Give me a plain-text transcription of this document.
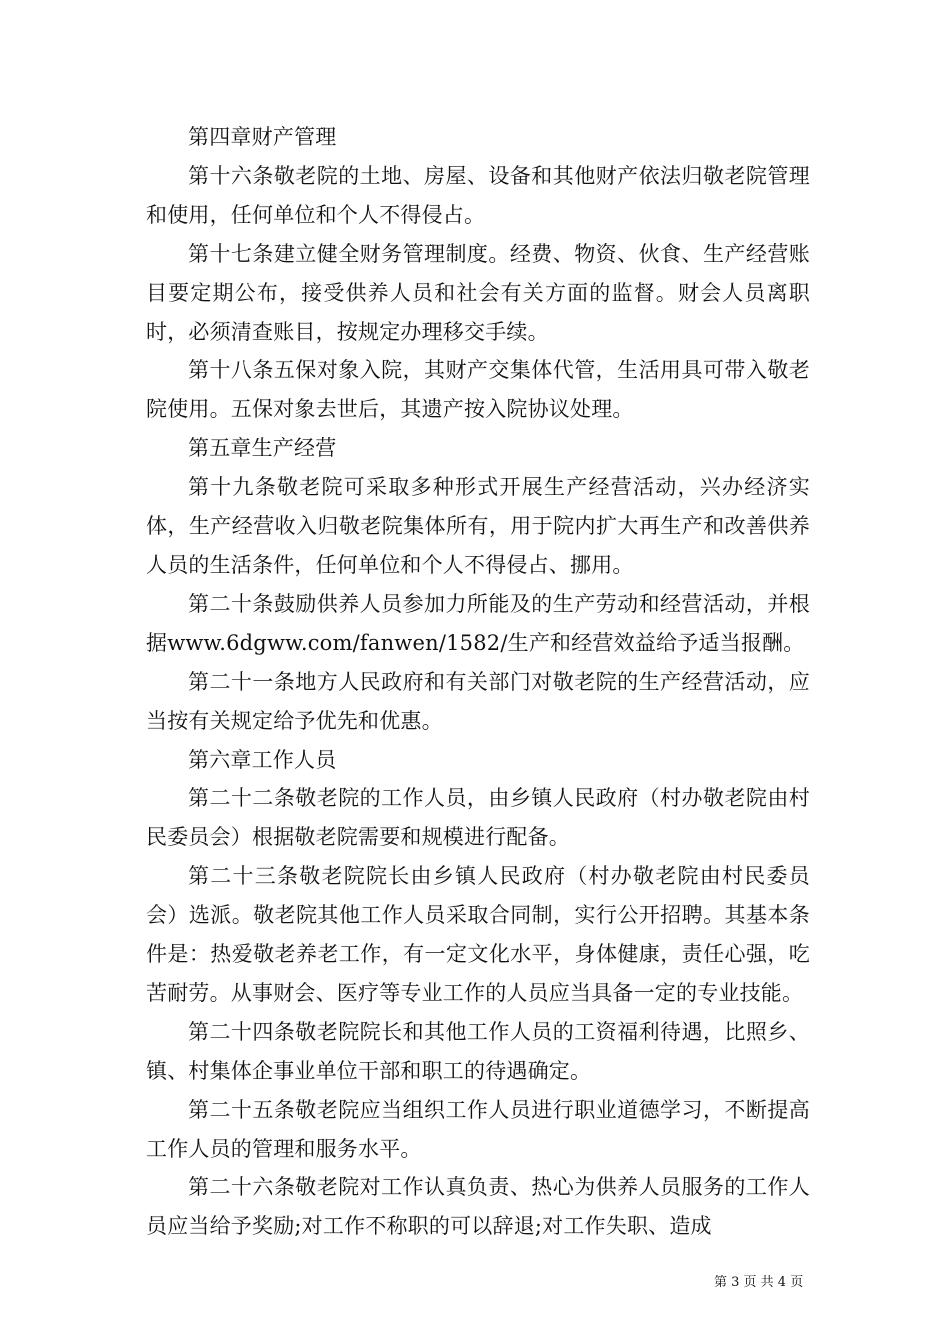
第四章财产管理

第十六条敬老院的土地、房屋、设备和其他财产依法归敬老院管理和使用，任何单位和个人不得侵占。

第十七条建立健全财务管理制度。经费、物资、伙食、生产经营账目要定期公布，接受供养人员和社会有关方面的监督。财会人员离职时，必须清查账目，按规定办理移交手续。

第十八条五保对象入院，其财产交集体代管，生活用具可带入敬老院使用。五保对象去世后，其遗产按入院协议处理。

第五章生产经营

第十九条敬老院可采取多种形式开展生产经营活动，兴办经济实体，生产经营收入归敬老院集体所有，用于院内扩大再生产和改善供养人员的生活条件，任何单位和个人不得侵占、挪用。

第二十条鼓励供养人员参加力所能及的生产劳动和经营活动，并根据www.6dgww.com/fanwen/1582/生产和经营效益给予适当报酬。

第二十一条地方人民政府和有关部门对敬老院的生产经营活动，应当按有关规定给予优先和优惠。

第六章工作人员

第二十二条敬老院的工作人员，由乡镇人民政府（村办敬老院由村民委员会）根据敬老院需要和规模进行配备。

第二十三条敬老院院长由乡镇人民政府（村办敬老院由村民委员会）选派。敬老院其他工作人员采取合同制，实行公开招聘。其基本条件是：热爱敬老养老工作，有一定文化水平，身体健康，责任心强，吃苦耐劳。从事财会、医疗等专业工作的人员应当具备一定的专业技能。

第二十四条敬老院院长和其他工作人员的工资福利待遇，比照乡、镇、村集体企事业单位干部和职工的待遇确定。

第二十五条敬老院应当组织工作人员进行职业道德学习，不断提高工作人员的管理和服务水平。

第二十六条敬老院对工作认真负责、热心为供养人员服务的工作人员应当给予奖励;对工作不称职的可以辞退;对工作失职、造成

第 3 页 共 4 页
